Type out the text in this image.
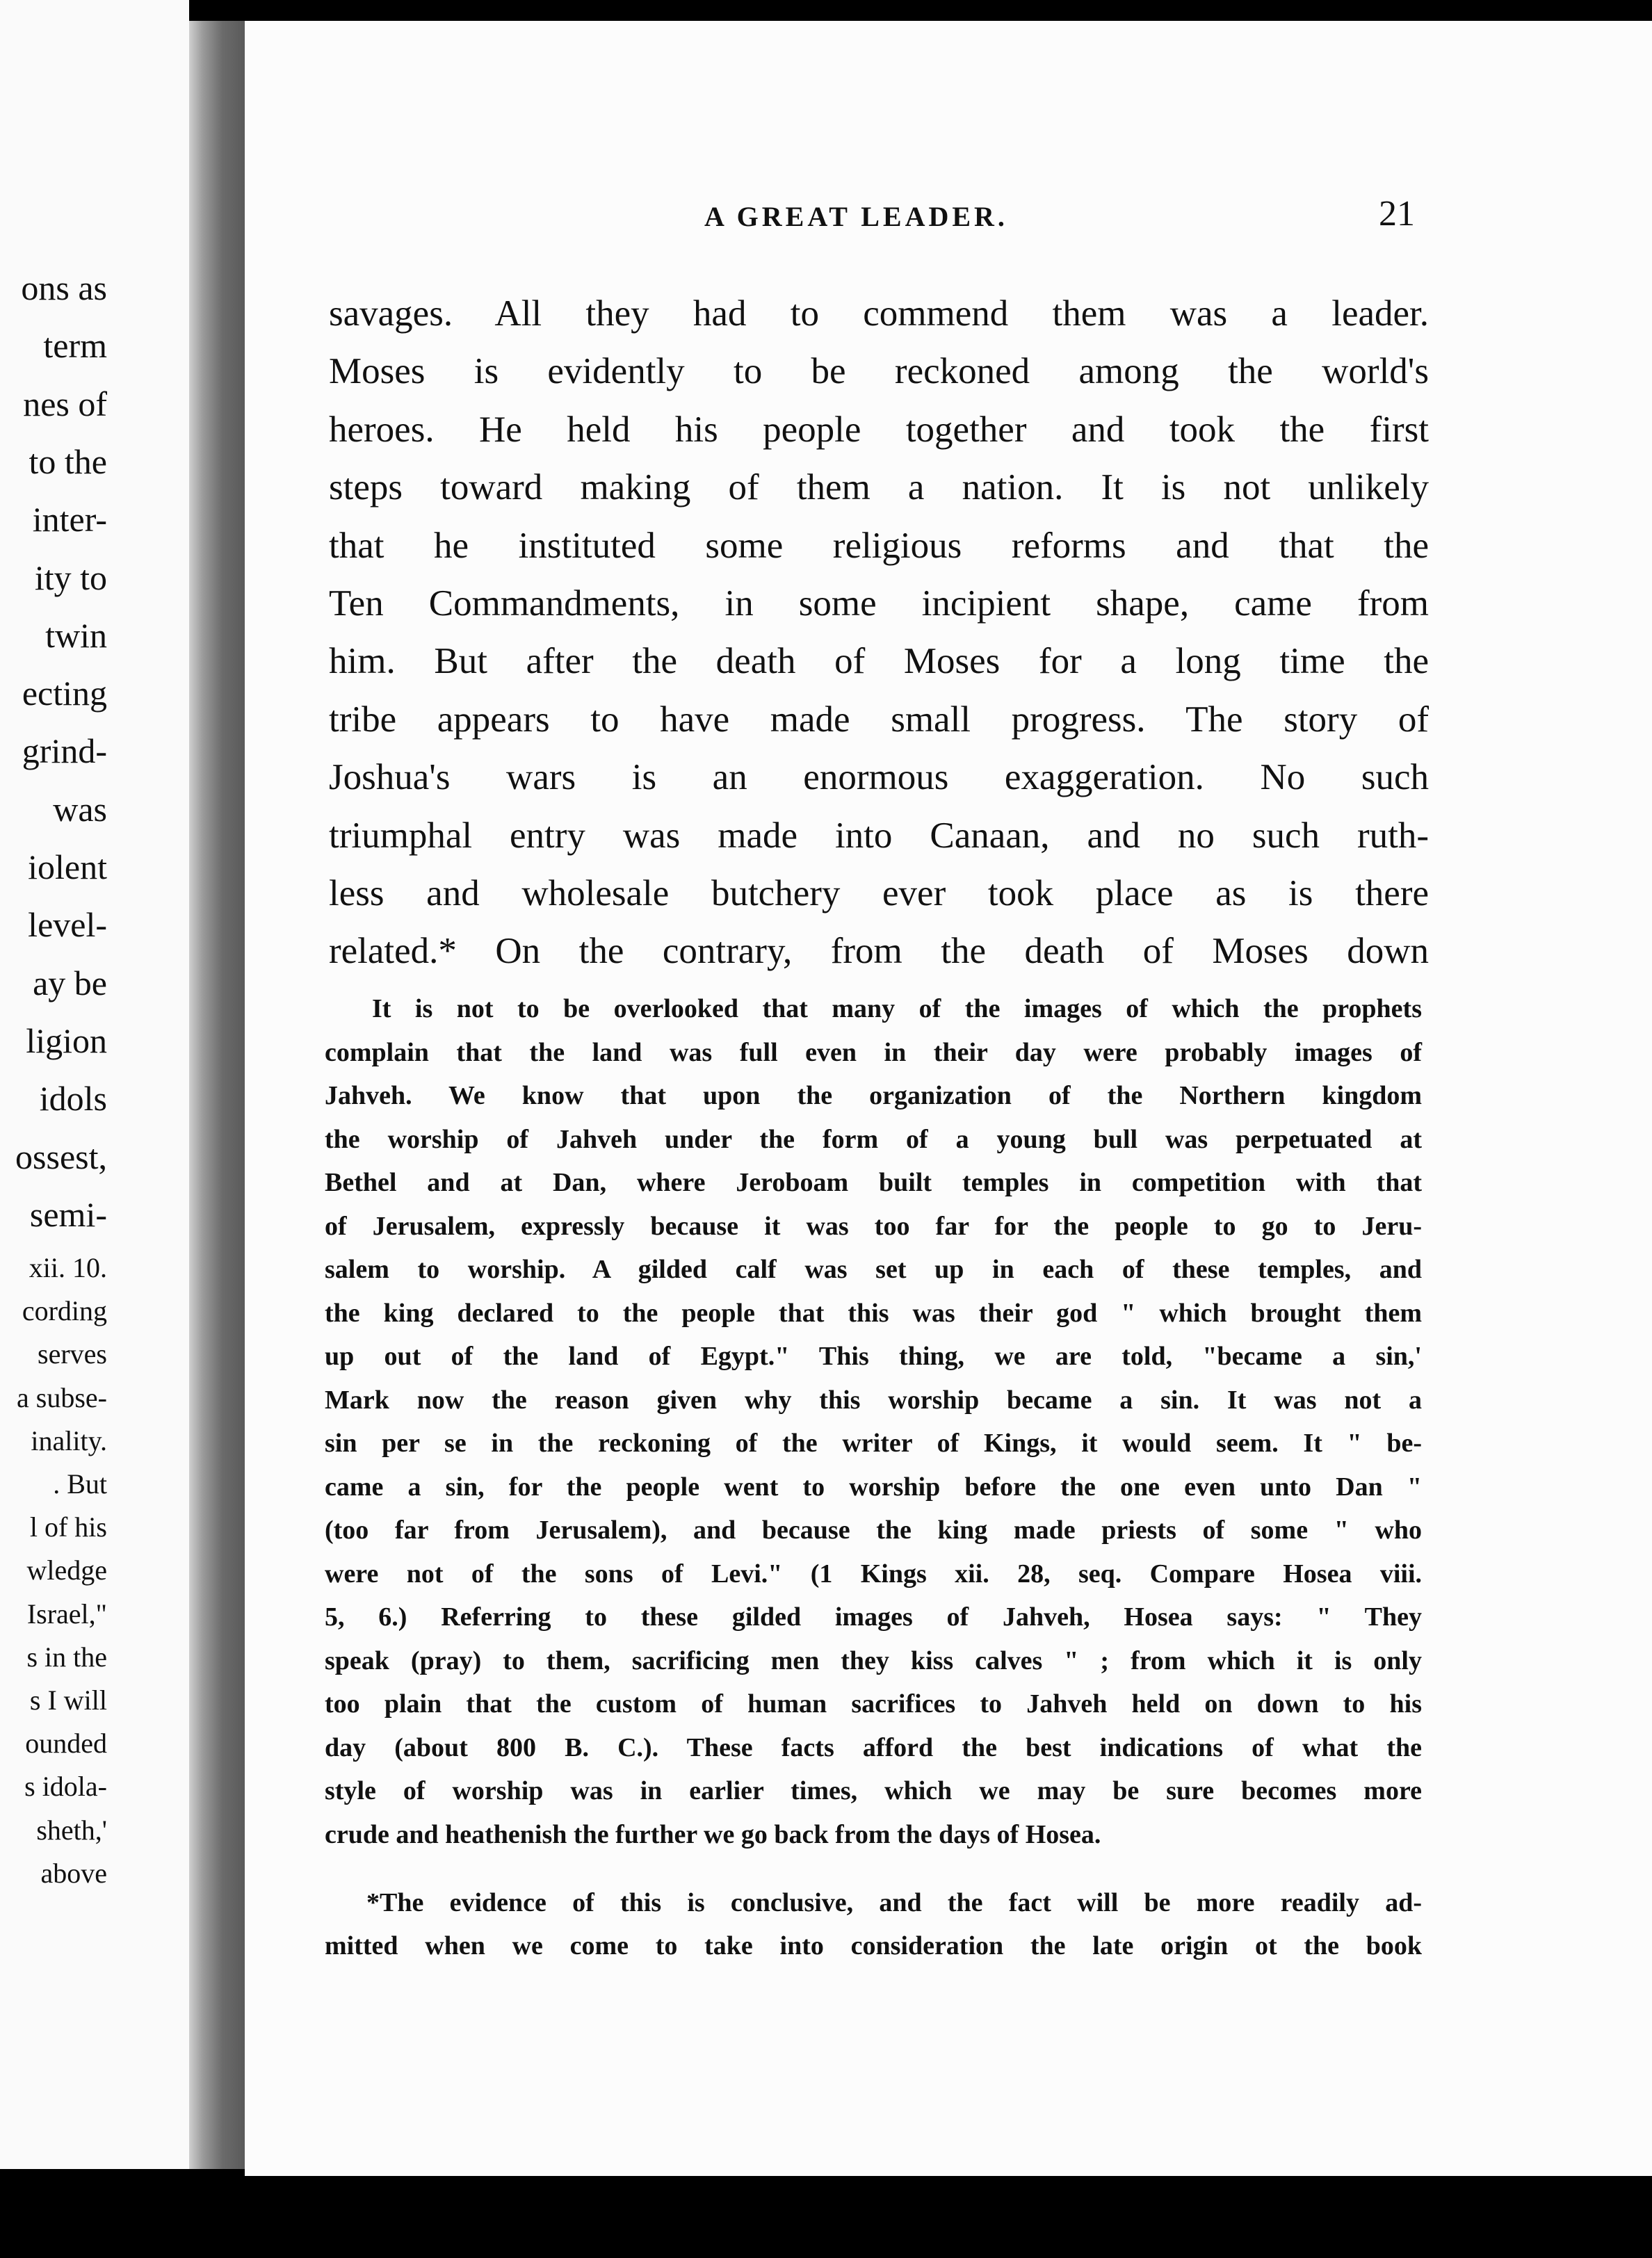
ons as
term
nes of
to the
inter-
ity to
twin
ecting
grind-
was
iolent
level-
ay be
ligion
idols
ossest,
semi-
xii. 10.
cording
serves
a subse-
inality.
. But
l of his
wledge
Israel,"
s in the
s I will
ounded
s idola-
sheth,'
above
A GREAT LEADER.	21
savages. All they had to commend them was a leader.
Moses is evidently to be reckoned among the world's
heroes. He held his people together and took the first
steps toward making of them a nation. It is not unlikely
that he instituted some religious reforms and that the
Ten Commandments, in some incipient shape, came from
him. But after the death of Moses for a long time the
tribe appears to have made small progress. The story of
Joshua's wars is an enormous exaggeration. No such
triumphal entry was made into Canaan, and no such ruth-
less and wholesale butchery ever took place as is there
related.* On the contrary, from the death of Moses down
It is not to be overlooked that many of the images of which the prophets
complain that the land was full even in their day were probably images of
Jahveh. We know that upon the organization of the Northern kingdom
the worship of Jahveh under the form of a young bull was perpetuated at
Bethel and at Dan, where Jeroboam built temples in competition with that
of Jerusalem, expressly because it was too far for the people to go to Jeru-
salem to worship. A gilded calf was set up in each of these temples, and
the king declared to the people that this was their god " which brought them
up out of the land of Egypt." This thing, we are told, "became a sin,'
Mark now the reason given why this worship became a sin. It was not a
sin per se in the reckoning of the writer of Kings, it would seem. It " be-
came a sin, for the people went to worship before the one even unto Dan "
(too far from Jerusalem), and because the king made priests of some " who
were not of the sons of Levi." (1 Kings xii. 28, seq. Compare Hosea viii.
5, 6.) Referring to these gilded images of Jahveh, Hosea says: " They
speak (pray) to them, sacrificing men they kiss calves " ; from which it is only
too plain that the custom of human sacrifices to Jahveh held on down to his
day (about 800 B. C.). These facts afford the best indications of what the
style of worship was in earlier times, which we may be sure becomes more
crude and heathenish the further we go back from the days of Hosea.
*The evidence of this is conclusive, and the fact will be more readily ad-
mitted when we come to take into consideration the late origin ot the book
